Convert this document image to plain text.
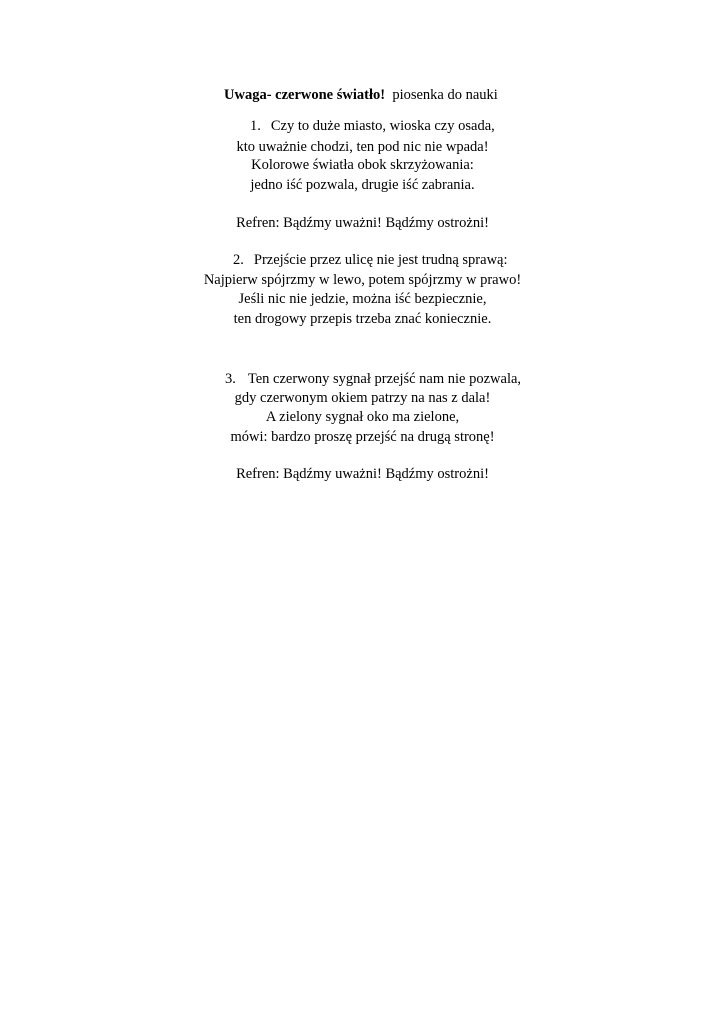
Uwaga- czerwone światło! piosenka do nauki
1. Czy to duże miasto, wioska czy osada,
kto uważnie chodzi, ten pod nic nie wpada!
Kolorowe światła obok skrzyżowania:
jedno iść pozwala, drugie iść zabrania.
Refren: Bądźmy uważni! Bądźmy ostrożni!
2. Przejście przez ulicę nie jest trudną sprawą:
Najpierw spójrzmy w lewo, potem spójrzmy w prawo!
Jeśli nic nie jedzie, można iść bezpiecznie,
ten drogowy przepis trzeba znać koniecznie.
3. Ten czerwony sygnał przejść nam nie pozwala,
gdy czerwonym okiem patrzy na nas z dala!
A zielony sygnał oko ma zielone,
mówi: bardzo proszę przejść na drugą stronę!
Refren: Bądźmy uważni! Bądźmy ostrożni!
